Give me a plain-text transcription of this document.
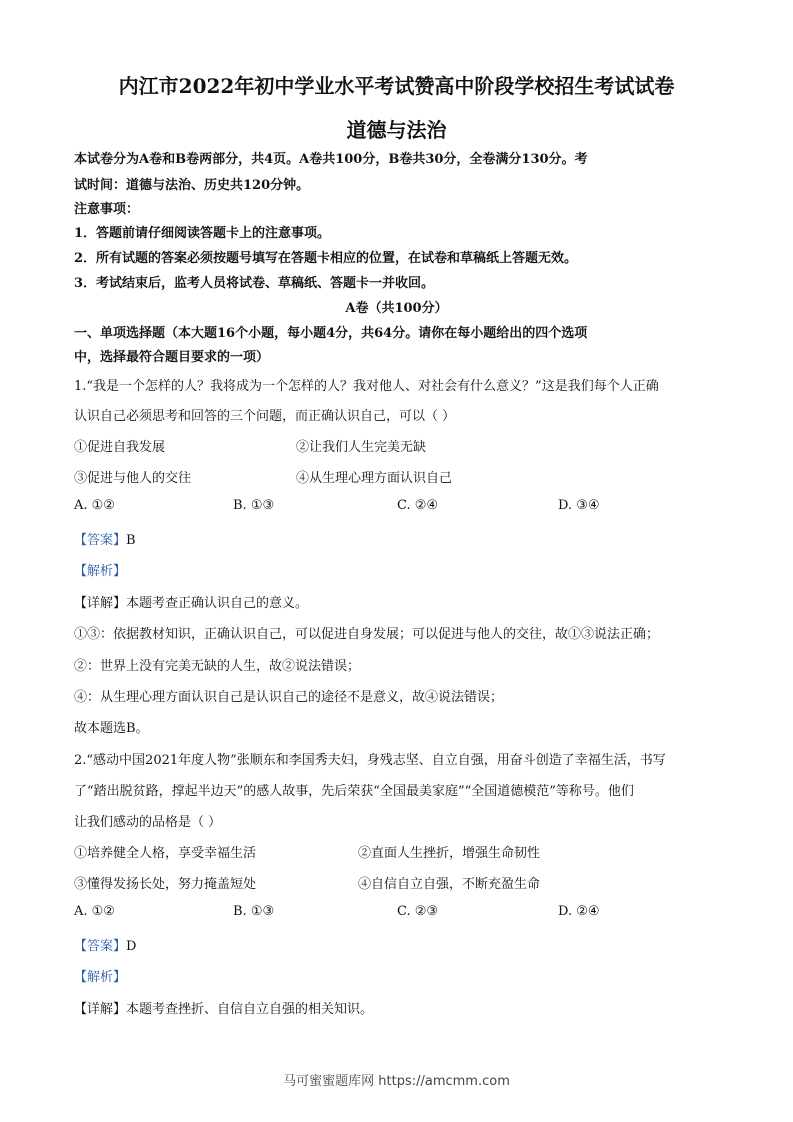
内江市2022年初中学业水平考试赞高中阶段学校招生考试试卷
道德与法治
本试卷分为A卷和B卷两部分，共4页。A卷共100分，B卷共30分，全卷满分130分。考
试时间：道德与法治、历史共120分钟。
注意事项：
1．答题前请仔细阅读答题卡上的注意事项。
2．所有试题的答案必须按题号填写在答题卡相应的位置，在试卷和草稿纸上答题无效。
3．考试结束后，监考人员将试卷、草稿纸、答题卡一并收回。
A卷（共100分）
一、单项选择题（本大题16个小题，每小题4分，共64分。请你在每小题给出的四个选项
中，选择最符合题目要求的一项）
1.“我是一个怎样的人？我将成为一个怎样的人？我对他人、对社会有什么意义？”这是我们每个人正确
认识自己必须思考和回答的三个问题，而正确认识自己，可以（ ）
①促进自我发展	②让我们人生完美无缺
③促进与他人的交往	④从生理心理方面认识自己
A. ①②	B. ①③	C. ②④	D. ③④
【答案】B
【解析】
【详解】本题考查正确认识自己的意义。
①③：依据教材知识，正确认识自己，可以促进自身发展；可以促进与他人的交往，故①③说法正确；
②：世界上没有完美无缺的人生，故②说法错误；
④：从生理心理方面认识自己是认识自己的途径不是意义，故④说法错误；
故本题选B。
2.“感动中国2021年度人物”张顺东和李国秀夫妇，身残志坚、自立自强，用奋斗创造了幸福生活，书写
了“踏出脱贫路，撑起半边天”的感人故事，先后荣获“全国最美家庭”“全国道德模范”等称号。他们
让我们感动的品格是（ ）
①培养健全人格，享受幸福生活	②直面人生挫折，增强生命韧性
③懂得发扬长处，努力掩盖短处	④自信自立自强，不断充盈生命
A. ①②	B. ①③	C. ②③	D. ②④
【答案】D
【解析】
【详解】本题考查挫折、自信自立自强的相关知识。
马可蜜蜜题库网 https://amcmm.com
